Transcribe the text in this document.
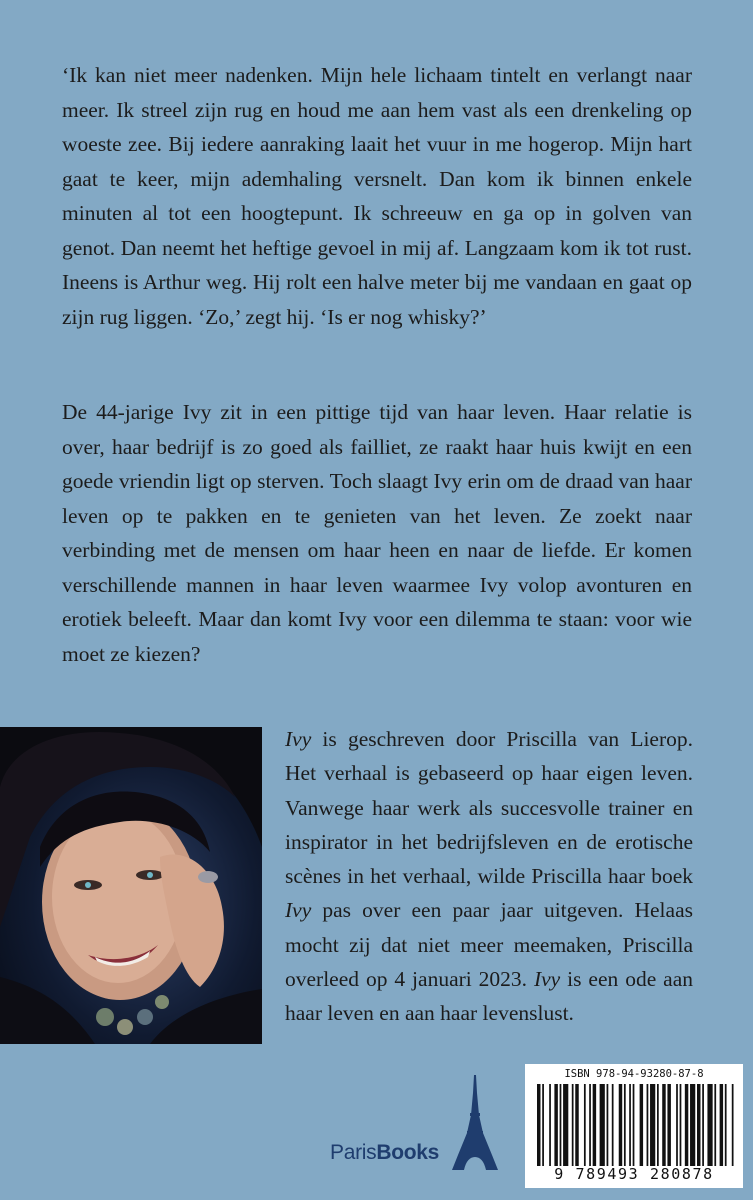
‘Ik kan niet meer nadenken. Mijn hele lichaam tintelt en verlangt naar meer. Ik streel zijn rug en houd me aan hem vast als een drenkeling op woeste zee. Bij iedere aanraking laait het vuur in me hogerop. Mijn hart gaat te keer, mijn ademhaling versnelt. Dan kom ik binnen enkele minuten al tot een hoogtepunt. Ik schreeuw en ga op in golven van genot. Dan neemt het heftige gevoel in mij af. Langzaam kom ik tot rust. Ineens is Arthur weg. Hij rolt een halve meter bij me vandaan en gaat op zijn rug liggen. ‘Zo,’ zegt hij. ‘Is er nog whisky?’

De 44-jarige Ivy zit in een pittige tijd van haar leven. Haar relatie is over, haar bedrijf is zo goed als failliet, ze raakt haar huis kwijt en een goede vriendin ligt op sterven. Toch slaagt Ivy erin om de draad van haar leven op te pakken en te genieten van het leven. Ze zoekt naar verbinding met de mensen om haar heen en naar de liefde. Er komen verschillende mannen in haar leven waarmee Ivy volop avonturen en erotiek beleeft. Maar dan komt Ivy voor een dilemma te staan: voor wie moet ze kiezen?

Ivy is geschreven door Priscilla van Lierop. Het verhaal is gebaseerd op haar eigen leven. Vanwege haar werk als succesvolle trainer en inspirator in het bedrijfsleven en de erotische scènes in het verhaal, wilde Priscilla haar boek Ivy pas over een paar jaar uitgeven. Helaas mocht zij dat niet meer meemaken, Priscilla overleed op 4 januari 2023. Ivy is een ode aan haar leven en aan haar levenslust.

ParisBooks
ISBN 978-94-93280-87-8
9 789493 280878
